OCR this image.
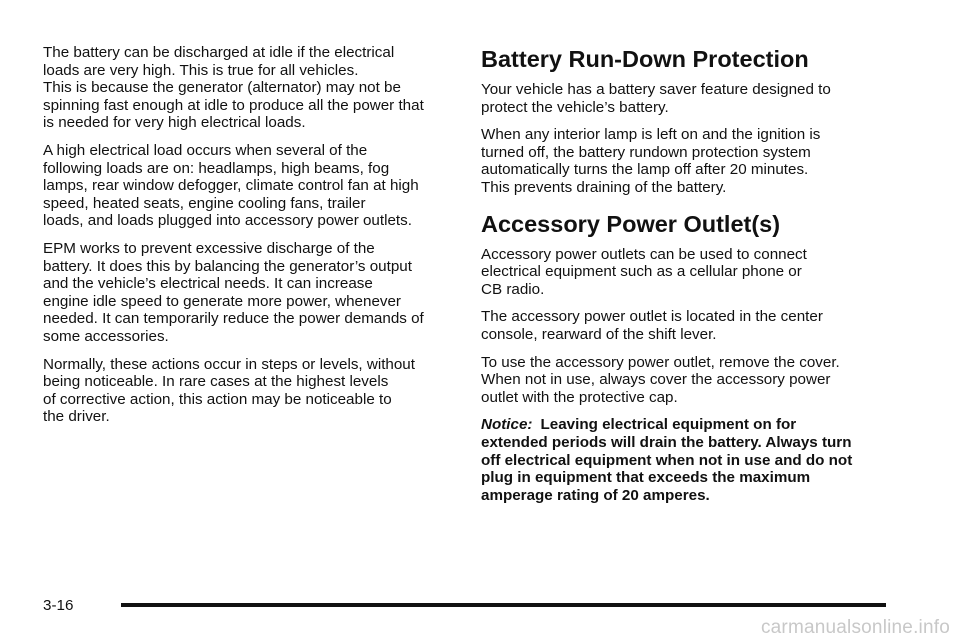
The battery can be discharged at idle if the electrical
loads are very high. This is true for all vehicles.
This is because the generator (alternator) may not be
spinning fast enough at idle to produce all the power that
is needed for very high electrical loads.

A high electrical load occurs when several of the
following loads are on: headlamps, high beams, fog
lamps, rear window defogger, climate control fan at high
speed, heated seats, engine cooling fans, trailer
loads, and loads plugged into accessory power outlets.

EPM works to prevent excessive discharge of the
battery. It does this by balancing the generator’s output
and the vehicle’s electrical needs. It can increase
engine idle speed to generate more power, whenever
needed. It can temporarily reduce the power demands of
some accessories.

Normally, these actions occur in steps or levels, without
being noticeable. In rare cases at the highest levels
of corrective action, this action may be noticeable to
the driver.

Battery Run-Down Protection

Your vehicle has a battery saver feature designed to
protect the vehicle’s battery.

When any interior lamp is left on and the ignition is
turned off, the battery rundown protection system
automatically turns the lamp off after 20 minutes.
This prevents draining of the battery.

Accessory Power Outlet(s)

Accessory power outlets can be used to connect
electrical equipment such as a cellular phone or
CB radio.

The accessory power outlet is located in the center
console, rearward of the shift lever.

To use the accessory power outlet, remove the cover.
When not in use, always cover the accessory power
outlet with the protective cap.

Notice: Leaving electrical equipment on for
extended periods will drain the battery. Always turn
off electrical equipment when not in use and do not
plug in equipment that exceeds the maximum
amperage rating of 20 amperes.

3-16
carmanualsonline.info
